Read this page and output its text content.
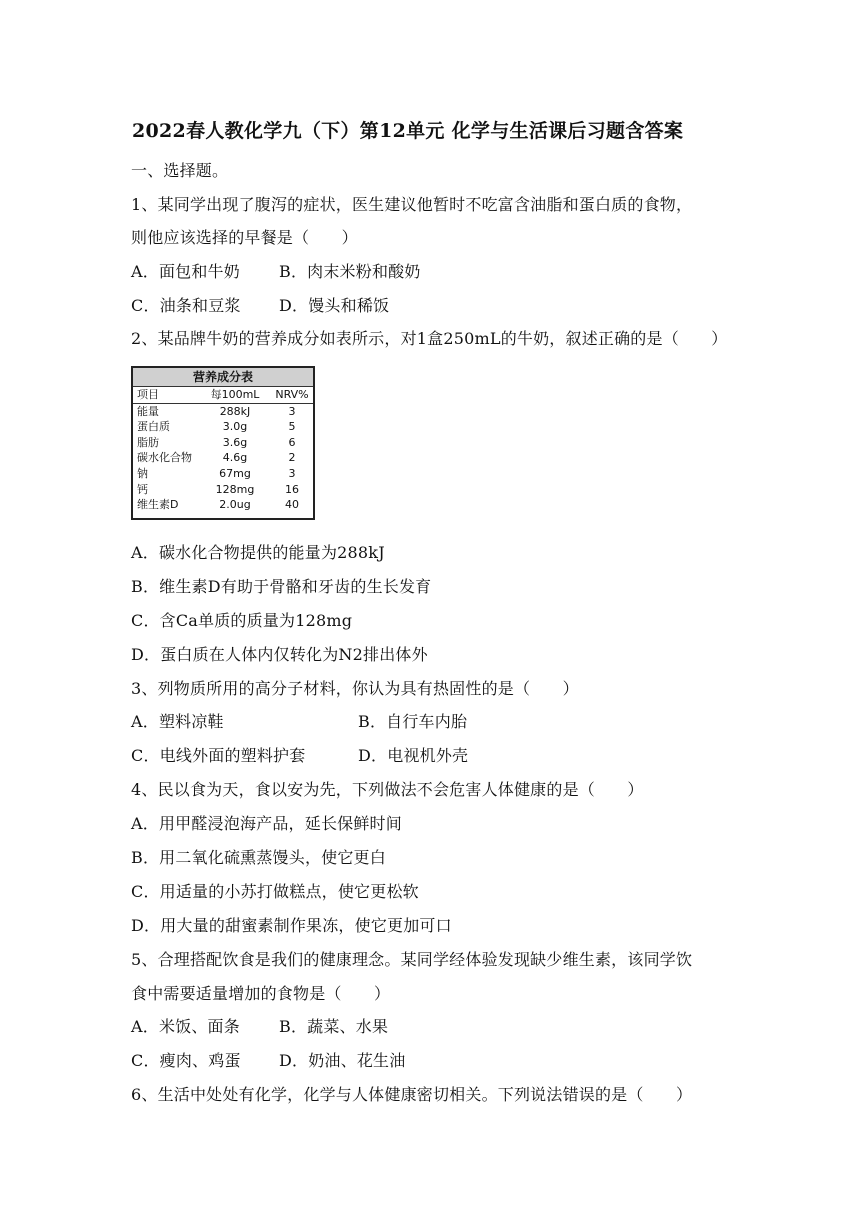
2022春人教化学九（下）第12单元 化学与生活课后习题含答案
一、选择题。
1、某同学出现了腹泻的症状，医生建议他暂时不吃富含油脂和蛋白质的食物，
则他应该选择的早餐是（　　）
A．面包和牛奶 B．肉末米粉和酸奶
C．油条和豆浆 D．馒头和稀饭
2、某品牌牛奶的营养成分如表所示，对1盒250mL的牛奶，叙述正确的是（　　）
营养成分表
项目	每100mL	NRV%
能量	288kJ	3
蛋白质	3.0g	5
脂肪	3.6g	6
碳水化合物	4.6g	2
钠	67mg	3
钙	128mg	16
维生素D	2.0ug	40
A．碳水化合物提供的能量为288kJ
B．维生素D有助于骨骼和牙齿的生长发育
C．含Ca单质的质量为128mg
D．蛋白质在人体内仅转化为N2排出体外
3、列物质所用的高分子材料，你认为具有热固性的是（　　）
A．塑料凉鞋	B．自行车内胎
C．电线外面的塑料护套	D．电视机外壳
4、民以食为天，食以安为先，下列做法不会危害人体健康的是（　　）
A．用甲醛浸泡海产品，延长保鲜时间
B．用二氧化硫熏蒸馒头，使它更白
C．用适量的小苏打做糕点，使它更松软
D．用大量的甜蜜素制作果冻，使它更加可口
5、合理搭配饮食是我们的健康理念。某同学经体验发现缺少维生素，该同学饮
食中需要适量增加的食物是（　　）
A．米饭、面条 B．蔬菜、水果
C．瘦肉、鸡蛋 D．奶油、花生油
6、生活中处处有化学，化学与人体健康密切相关。下列说法错误的是（　　）
